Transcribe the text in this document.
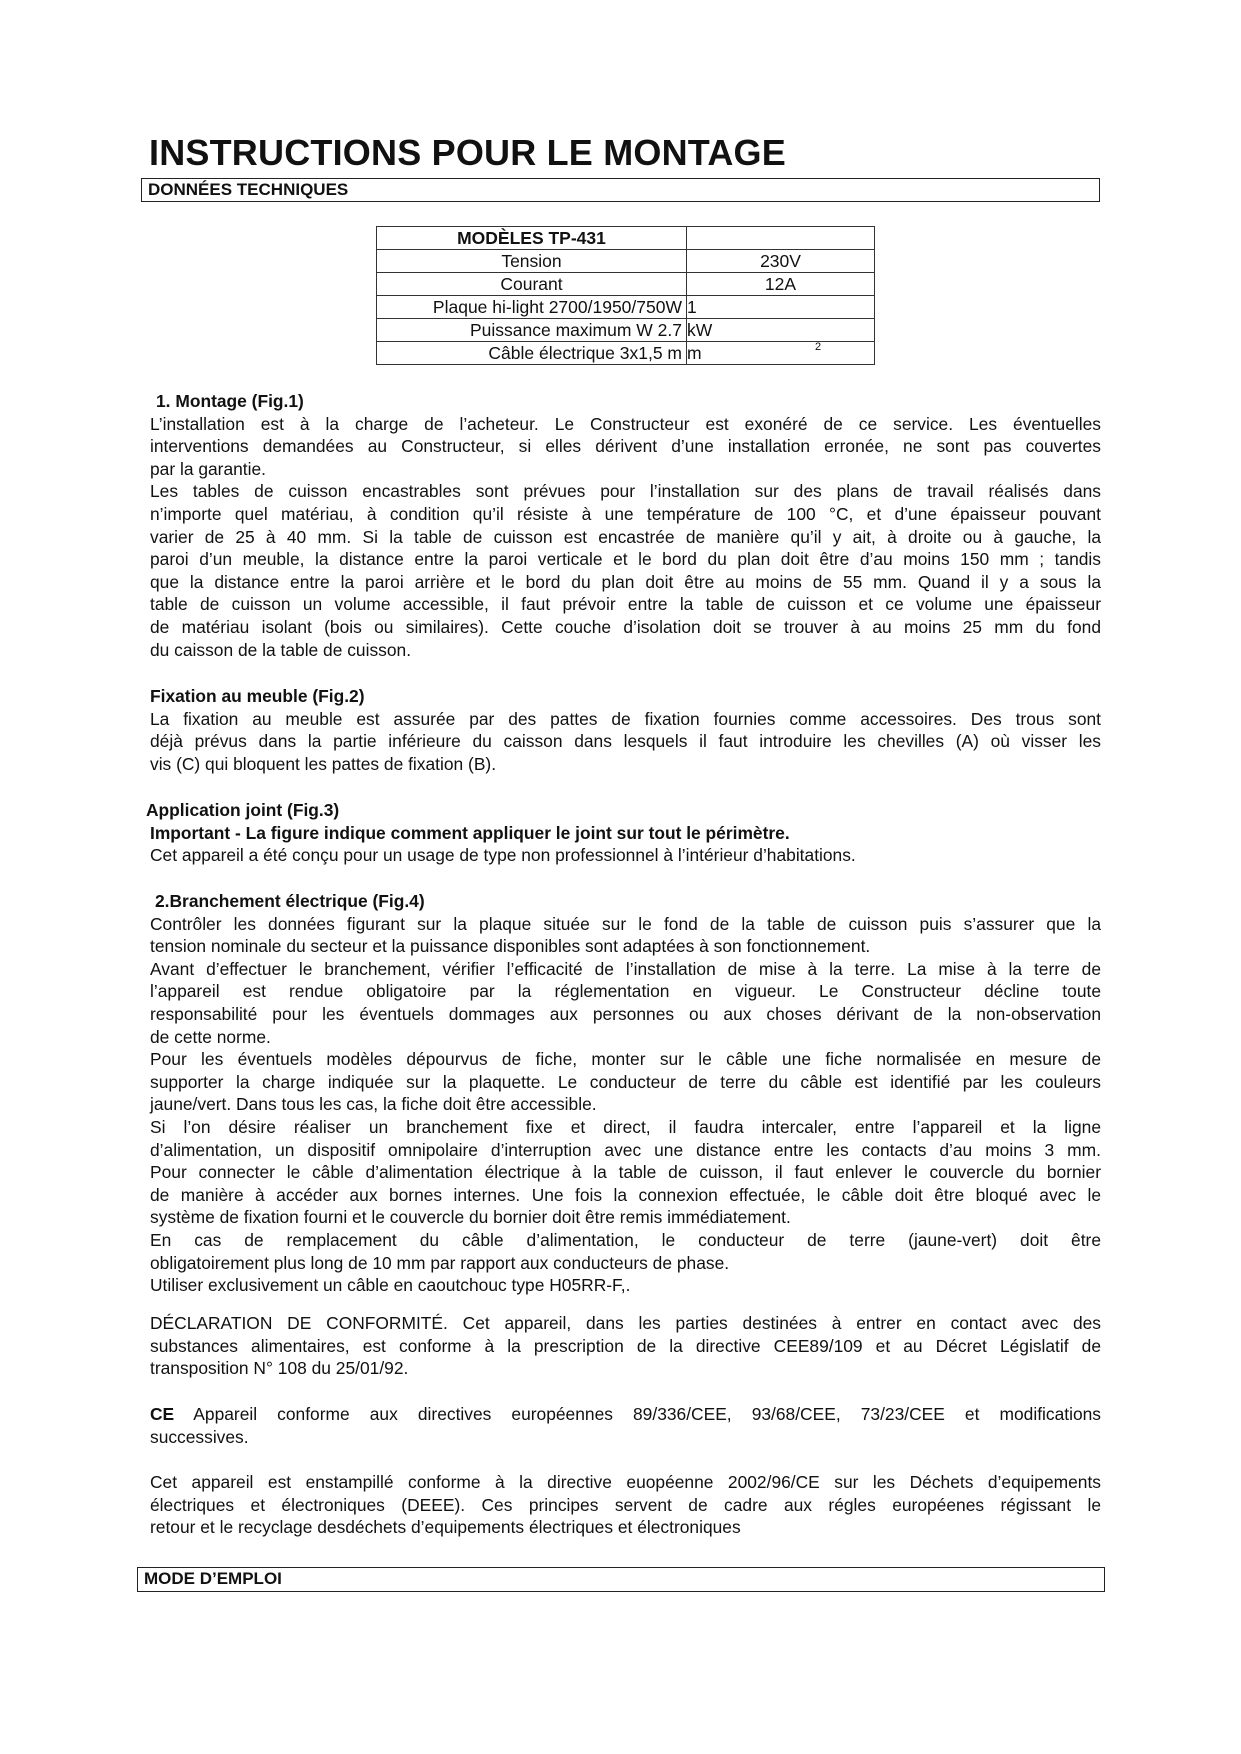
INSTRUCTIONS POUR LE MONTAGE
DONNÉES TECHNIQUES
MODÈLES TP-431	
Tension	230V
Courant	12A
Plaque hi-light 2700/1950/750W	1
Puissance maximum W 2.7	kW
Câble électrique 3x1,5 m	m	2
1. Montage (Fig.1)
L’installation est à la charge de l’acheteur. Le Constructeur est exonéré de ce service. Les éventuelles
interventions demandées au Constructeur, si elles dérivent d’une installation erronée, ne sont pas couvertes
par la garantie.
Les tables de cuisson encastrables sont prévues pour l’installation sur des plans de travail réalisés dans
n’importe quel matériau, à condition qu’il résiste à une température de 100 °C, et d’une épaisseur pouvant
varier de 25 à 40 mm. Si la table de cuisson est encastrée de manière qu’il y ait, à droite ou à gauche, la
paroi d’un meuble, la distance entre la paroi verticale et le bord du plan doit être d’au moins 150 mm ; tandis
que la distance entre la paroi arrière et le bord du plan doit être au moins de 55 mm. Quand il y a sous la
table de cuisson un volume accessible, il faut prévoir entre la table de cuisson et ce volume une épaisseur
de matériau isolant (bois ou similaires). Cette couche d’isolation doit se trouver à au moins 25 mm du fond
du caisson de la table de cuisson.
Fixation au meuble (Fig.2)
La fixation au meuble est assurée par des pattes de fixation fournies comme accessoires. Des trous sont
déjà prévus dans la partie inférieure du caisson dans lesquels il faut introduire les chevilles (A) où visser les
vis (C) qui bloquent les pattes de fixation (B).
Application joint (Fig.3)
Important - La figure indique comment appliquer le joint sur tout le périmètre.
Cet appareil a été conçu pour un usage de type non professionnel à l’intérieur d’habitations.
2.Branchement électrique (Fig.4)
Contrôler les données figurant sur la plaque située sur le fond de la table de cuisson puis s’assurer que la
tension nominale du secteur et la puissance disponibles sont adaptées à son fonctionnement.
Avant d’effectuer le branchement, vérifier l’efficacité de l’installation de mise à la terre. La mise à la terre de
l’appareil est rendue obligatoire par la réglementation en vigueur. Le Constructeur décline toute
responsabilité pour les éventuels dommages aux personnes ou aux choses dérivant de la non-observation
de cette norme.
Pour les éventuels modèles dépourvus de fiche, monter sur le câble une fiche normalisée en mesure de
supporter la charge indiquée sur la plaquette. Le conducteur de terre du câble est identifié par les couleurs
jaune/vert. Dans tous les cas, la fiche doit être accessible.
Si l’on désire réaliser un branchement fixe et direct, il faudra intercaler, entre l’appareil et la ligne
d’alimentation, un dispositif omnipolaire d’interruption avec une distance entre les contacts d’au moins 3 mm.
Pour connecter le câble d’alimentation électrique à la table de cuisson, il faut enlever le couvercle du bornier
de manière à accéder aux bornes internes. Une fois la connexion effectuée, le câble doit être bloqué avec le
système de fixation fourni et le couvercle du bornier doit être remis immédiatement.
En cas de remplacement du câble d’alimentation, le conducteur de terre (jaune-vert) doit être
obligatoirement plus long de 10 mm par rapport aux conducteurs de phase.
Utiliser exclusivement un câble en caoutchouc type H05RR-F,.
DÉCLARATION DE CONFORMITÉ. Cet appareil, dans les parties destinées à entrer en contact avec des
substances alimentaires, est conforme à la prescription de la directive CEE89/109 et au Décret Législatif de
transposition N° 108 du 25/01/92.
CE Appareil conforme aux directives européennes 89/336/CEE, 93/68/CEE, 73/23/CEE et modifications
successives.
Cet appareil est enstampillé conforme à la directive euopéenne 2002/96/CE sur les Déchets d’equipements
électriques et électroniques (DEEE). Ces principes servent de cadre aux régles européenes régissant le
retour et le recyclage desdéchets d’equipements électriques et électroniques
MODE D’EMPLOI
